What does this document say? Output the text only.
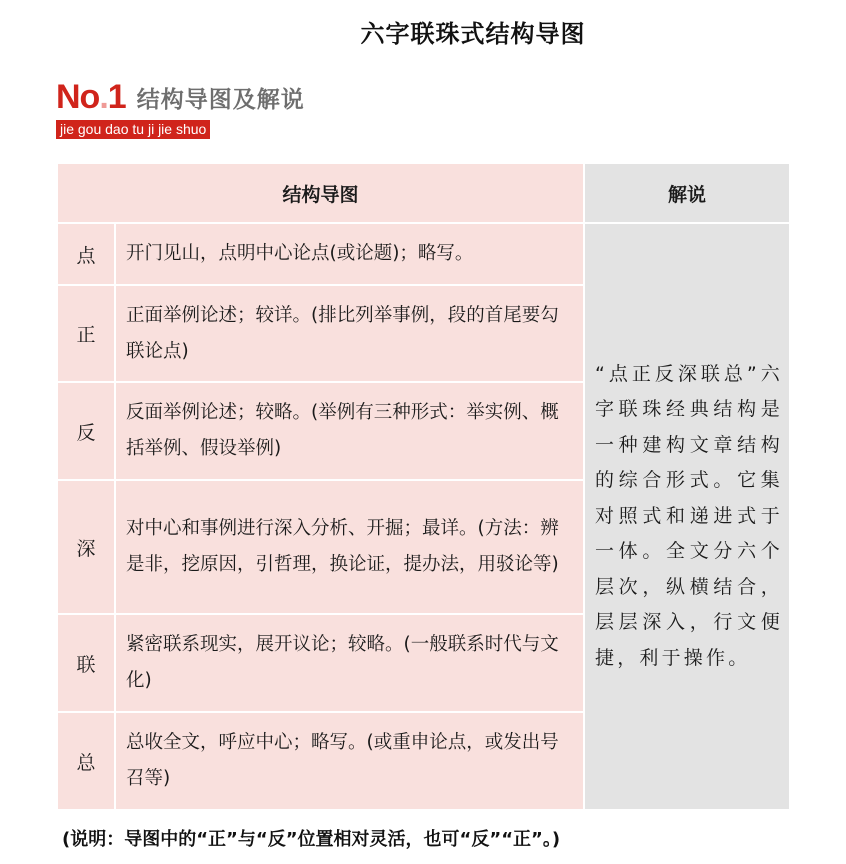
六字联珠式结构导图
No.1 结构导图及解说
jie gou dao tu ji jie shuo
结构导图		解说
点	开门见山，点明中心论点(或论题)；略写。	“点正反深联总”六字联珠经典结构是一种建构文章结构的综合形式。它集对照式和递进式于一体。全文分六个层次，纵横结合，层层深入，行文便捷，利于操作。
正	正面举例论述；较详。(排比列举事例，段的首尾要勾联论点)	
反	反面举例论述；较略。(举例有三种形式：举实例、概括举例、假设举例)	
深	对中心和事例进行深入分析、开掘；最详。(方法：辨是非，挖原因，引哲理，换论证，提办法，用驳论等)	
联	紧密联系现实，展开议论；较略。(一般联系时代与文化)	
总	总收全文，呼应中心；略写。(或重申论点，或发出号召等)	
(说明：导图中的“正”与“反”位置相对灵活，也可“反”“正”。)
